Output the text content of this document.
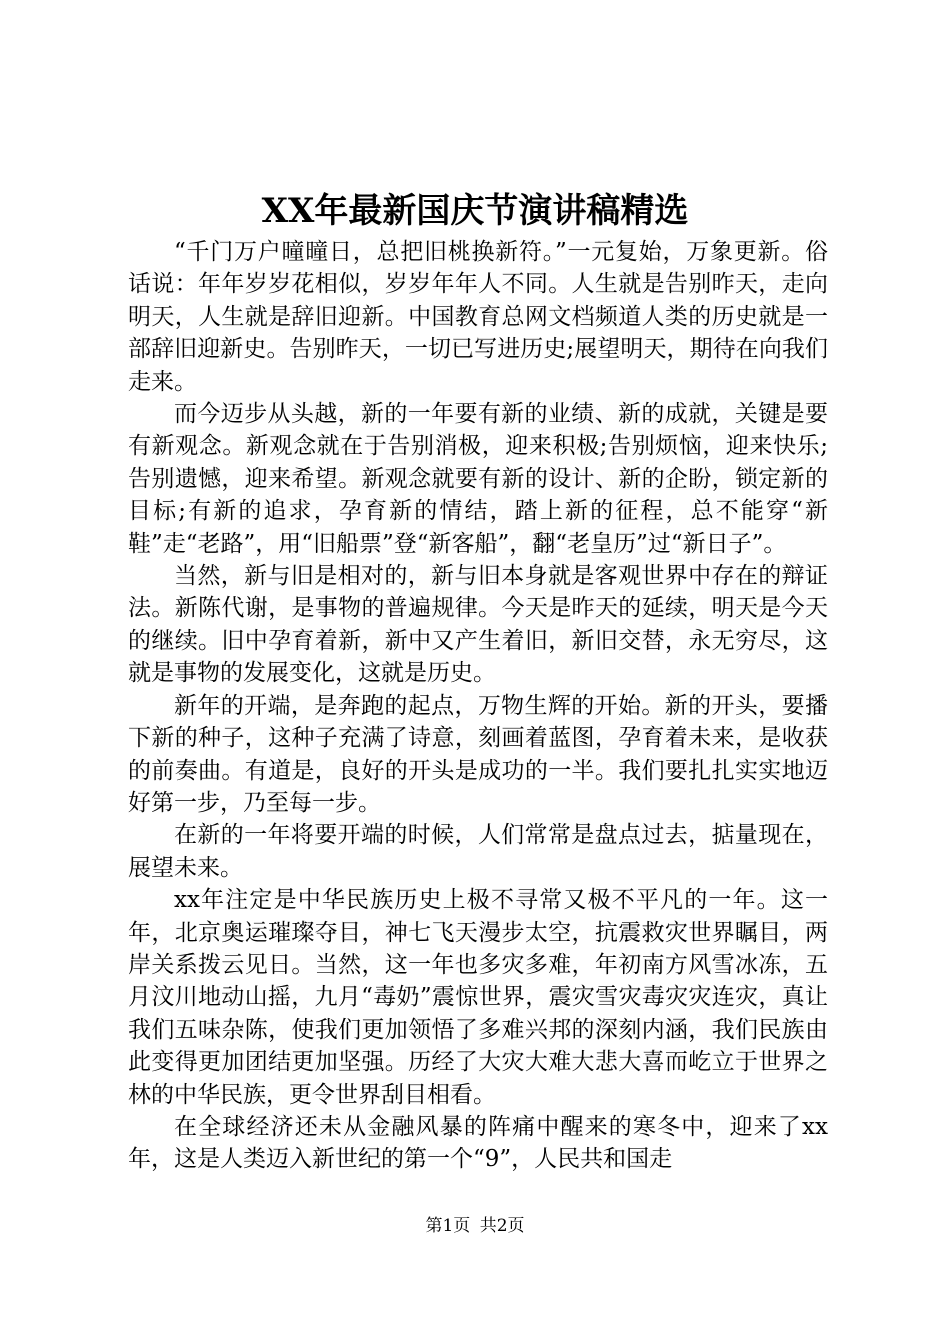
XX年最新国庆节演讲稿精选

“千门万户曈曈日，总把旧桃换新符。”一元复始，万象更新。俗话说：年年岁岁花相似，岁岁年年人不同。人生就是告别昨天，走向明天，人生就是辞旧迎新。中国教育总网文档频道人类的历史就是一部辞旧迎新史。告别昨天，一切已写进历史;展望明天，期待在向我们走来。

而今迈步从头越，新的一年要有新的业绩、新的成就，关键是要有新观念。新观念就在于告别消极，迎来积极;告别烦恼，迎来快乐;告别遗憾，迎来希望。新观念就要有新的设计、新的企盼，锁定新的目标;有新的追求，孕育新的情结，踏上新的征程，总不能穿“新鞋”走“老路”，用“旧船票”登“新客船”，翻“老皇历”过“新日子”。

当然，新与旧是相对的，新与旧本身就是客观世界中存在的辩证法。新陈代谢，是事物的普遍规律。今天是昨天的延续，明天是今天的继续。旧中孕育着新，新中又产生着旧，新旧交替，永无穷尽，这就是事物的发展变化，这就是历史。

新年的开端，是奔跑的起点，万物生辉的开始。新的开头，要播下新的种子，这种子充满了诗意，刻画着蓝图，孕育着未来，是收获的前奏曲。有道是，良好的开头是成功的一半。我们要扎扎实实地迈好第一步，乃至每一步。

在新的一年将要开端的时候，人们常常是盘点过去，掂量现在，展望未来。

xx年注定是中华民族历史上极不寻常又极不平凡的一年。这一年，北京奥运璀璨夺目，神七飞天漫步太空，抗震救灾世界瞩目，两岸关系拨云见日。当然，这一年也多灾多难，年初南方风雪冰冻，五月汶川地动山摇，九月“毒奶”震惊世界，震灾雪灾毒灾灾连灾，真让我们五味杂陈，使我们更加领悟了多难兴邦的深刻内涵，我们民族由此变得更加团结更加坚强。历经了大灾大难大悲大喜而屹立于世界之林的中华民族，更令世界刮目相看。

在全球经济还未从金融风暴的阵痛中醒来的寒冬中，迎来了xx年，这是人类迈入新世纪的第一个“9”，人民共和国走

第1页 共2页
